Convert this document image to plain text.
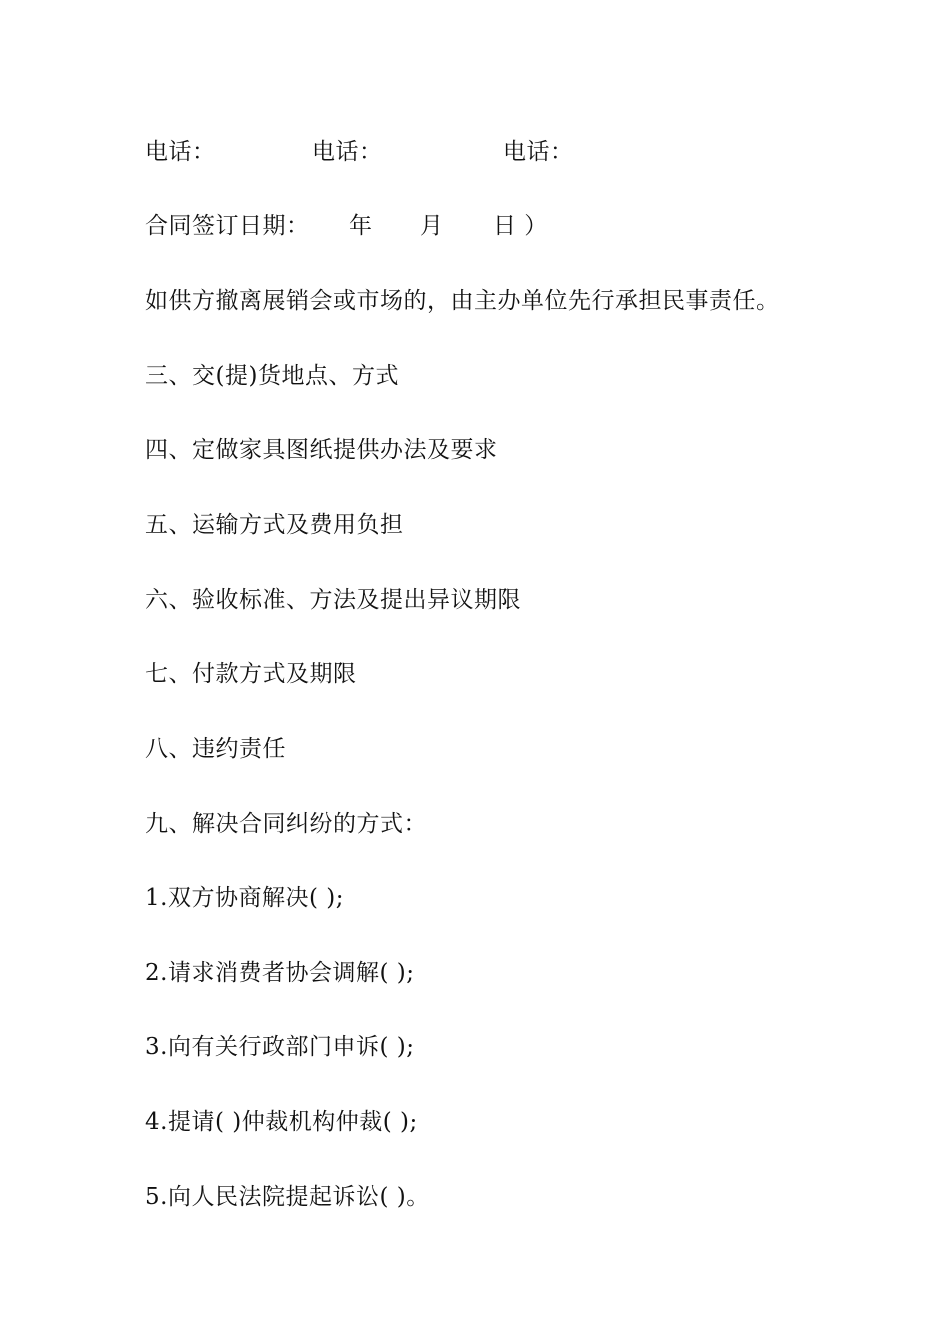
电话：

	电话：

	电话：

合同签订日期：

年

月

日 ）

如供方撤离展销会或市场的，由主办单位先行承担民事责任。
三、交(提)货地点、方式
四、定做家具图纸提供办法及要求
五、运输方式及费用负担
六、验收标准、方法及提出异议期限
七、付款方式及期限
八、违约责任
九、解决合同纠纷的方式：
1.双方协商解决( );
2.请求消费者协会调解( );
3.向有关行政部门申诉( );
4.提请( )仲裁机构仲裁( );
5.向人民法院提起诉讼( )。
